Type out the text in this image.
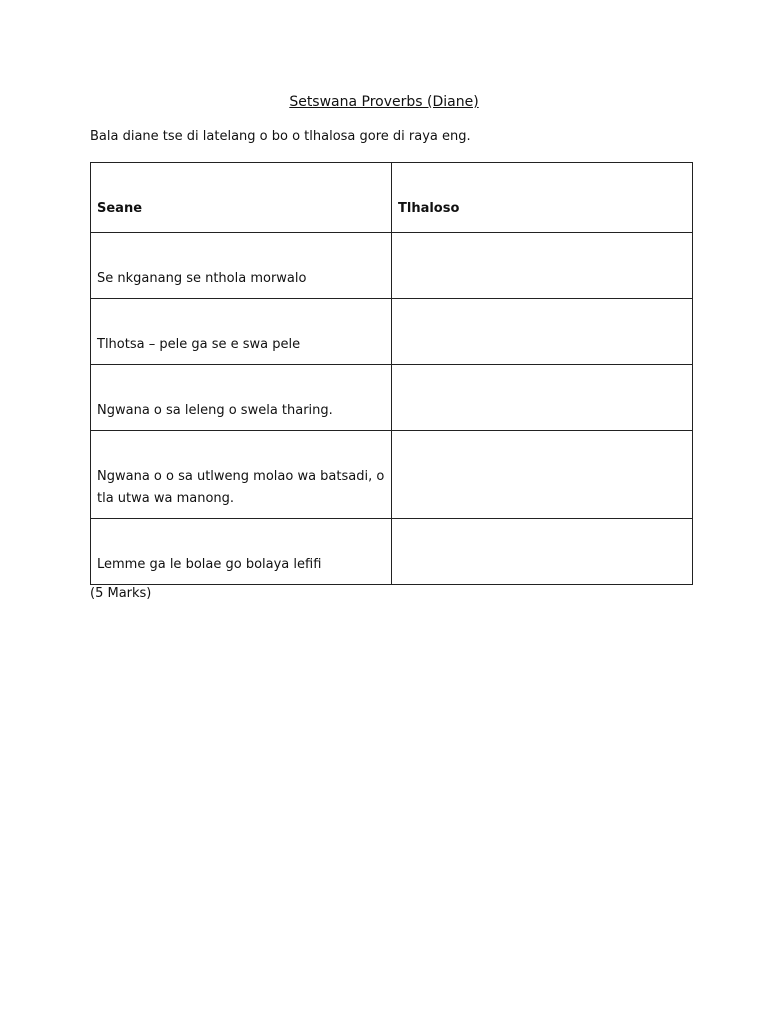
Setswana Proverbs (Diane)

Bala diane tse di latelang o bo o tlhalosa gore di raya eng.

Seane	Tlhaloso
Se nkganang se nthola morwalo	
Tlhotsa – pele ga se e swa pele	
Ngwana o sa leleng o swela tharing.	
Ngwana o o sa utlweng molao wa batsadi, o tla utwa wa manong.	
Lemme ga le bolae go bolaya lefifi	

(5 Marks)
